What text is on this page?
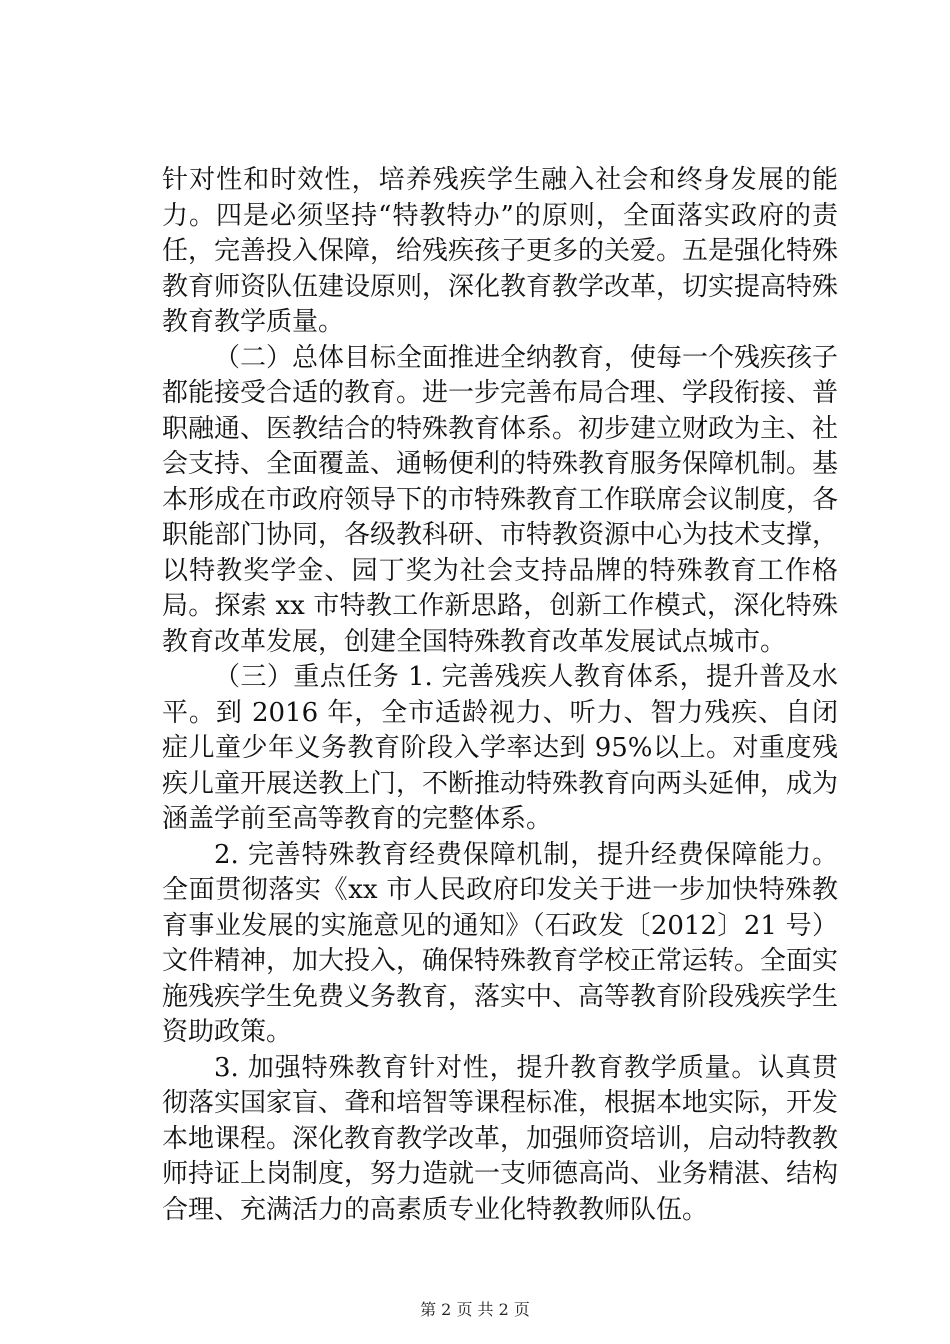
针对性和时效性，培养残疾学生融入社会和终身发展的能力。四是必须坚持“特教特办”的原则，全面落实政府的责任，完善投入保障，给残疾孩子更多的关爱。五是强化特殊教育师资队伍建设原则，深化教育教学改革，切实提高特殊教育教学质量。

（二）总体目标全面推进全纳教育，使每一个残疾孩子都能接受合适的教育。进一步完善布局合理、学段衔接、普职融通、医教结合的特殊教育体系。初步建立财政为主、社会支持、全面覆盖、通畅便利的特殊教育服务保障机制。基本形成在市政府领导下的市特殊教育工作联席会议制度，各职能部门协同，各级教科研、市特教资源中心为技术支撑，以特教奖学金、园丁奖为社会支持品牌的特殊教育工作格局。探索 xx 市特教工作新思路，创新工作模式，深化特殊教育改革发展，创建全国特殊教育改革发展试点城市。

（三）重点任务 1. 完善残疾人教育体系，提升普及水平。到 2016 年，全市适龄视力、听力、智力残疾、自闭症儿童少年义务教育阶段入学率达到 95%以上。对重度残疾儿童开展送教上门，不断推动特殊教育向两头延伸，成为涵盖学前至高等教育的完整体系。

2. 完善特殊教育经费保障机制，提升经费保障能力。全面贯彻落实《xx 市人民政府印发关于进一步加快特殊教育事业发展的实施意见的通知》（石政发〔2012〕21 号）文件精神，加大投入，确保特殊教育学校正常运转。全面实施残疾学生免费义务教育，落实中、高等教育阶段残疾学生资助政策。

3. 加强特殊教育针对性，提升教育教学质量。认真贯彻落实国家盲、聋和培智等课程标准，根据本地实际，开发本地课程。深化教育教学改革，加强师资培训，启动特教教师持证上岗制度，努力造就一支师德高尚、业务精湛、结构合理、充满活力的高素质专业化特教教师队伍。

第 2 页 共 2 页
